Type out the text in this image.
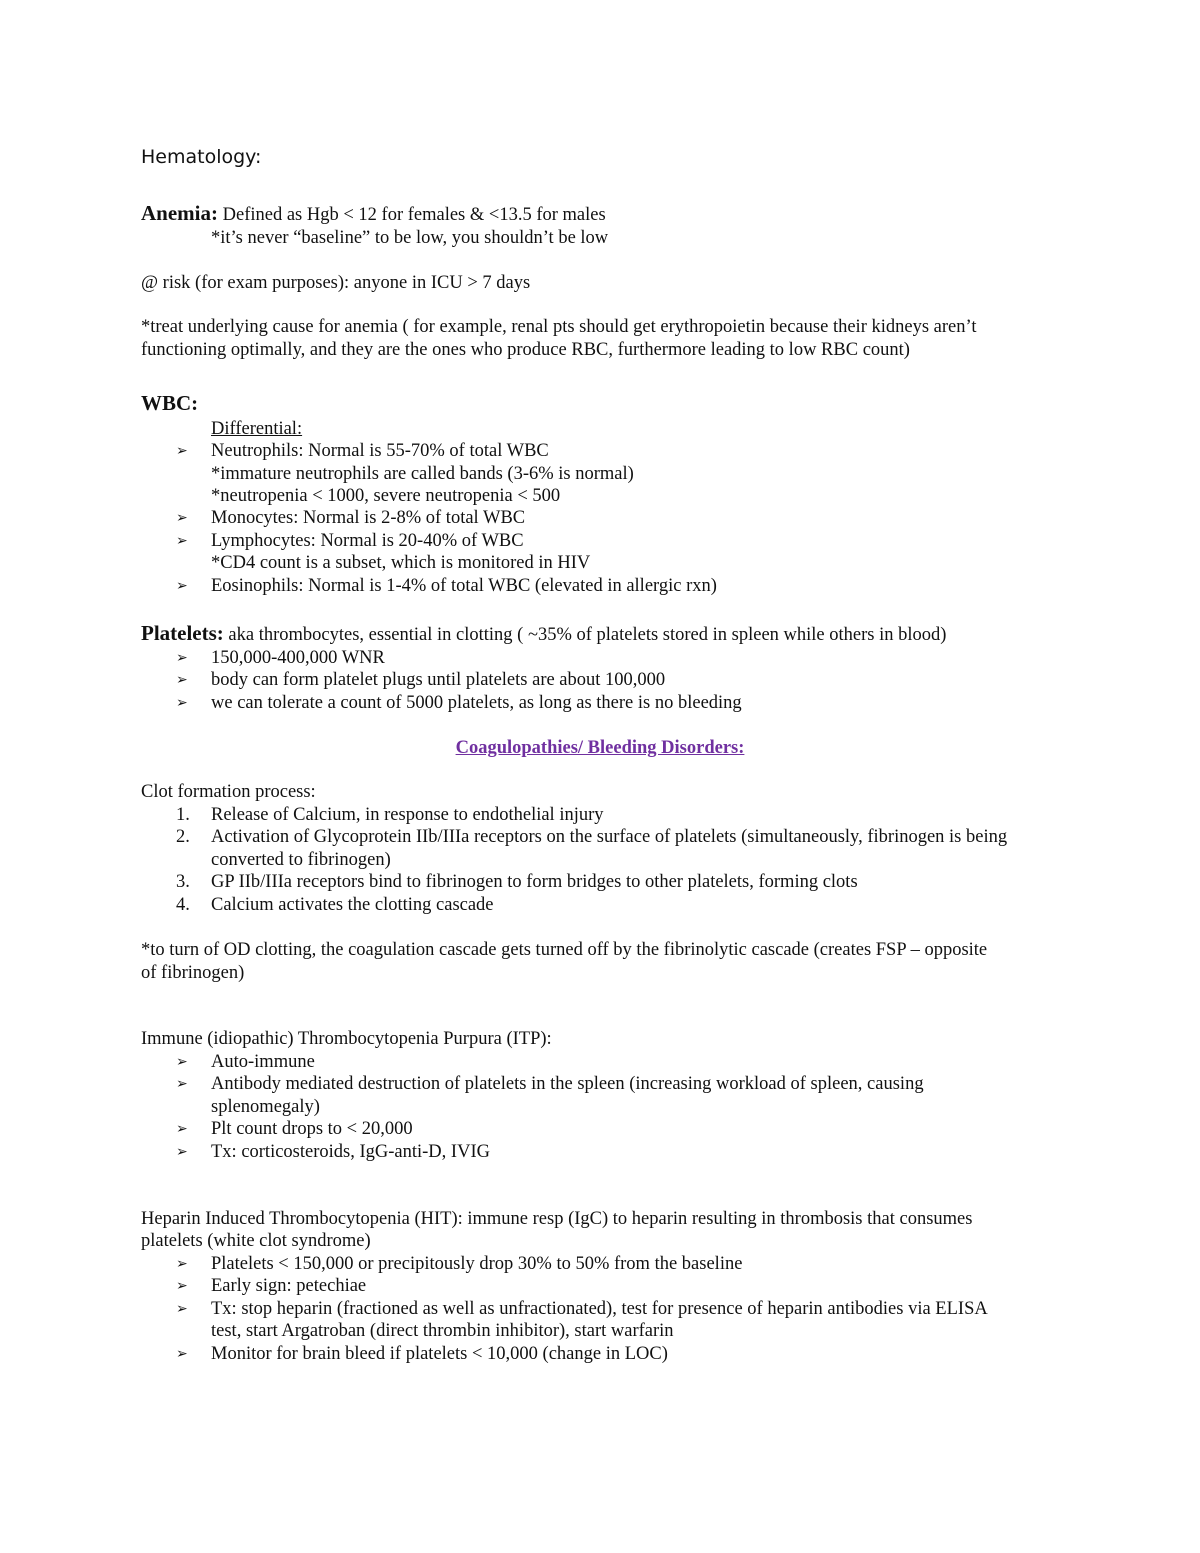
Hematology:
Anemia: Defined as Hgb < 12 for females & <13.5 for males
*it’s never “baseline” to be low, you shouldn’t be low
@ risk (for exam purposes): anyone in ICU > 7 days
*treat underlying cause for anemia ( for example, renal pts should get erythropoietin because their kidneys aren’t
functioning optimally, and they are the ones who produce RBC, furthermore leading to low RBC count)
WBC:
Differential:
➢ Neutrophils: Normal is 55-70% of total WBC
*immature neutrophils are called bands (3-6% is normal)
*neutropenia < 1000, severe neutropenia < 500
➢ Monocytes: Normal is 2-8% of total WBC
➢ Lymphocytes: Normal is 20-40% of WBC
*CD4 count is a subset, which is monitored in HIV
➢ Eosinophils: Normal is 1-4% of total WBC (elevated in allergic rxn)
Platelets: aka thrombocytes, essential in clotting ( ~35% of platelets stored in spleen while others in blood)
➢ 150,000-400,000 WNR
➢ body can form platelet plugs until platelets are about 100,000
➢ we can tolerate a count of 5000 platelets, as long as there is no bleeding
Coagulopathies/ Bleeding Disorders:
Clot formation process:
1. Release of Calcium, in response to endothelial injury
2. Activation of Glycoprotein IIb/IIIa receptors on the surface of platelets (simultaneously, fibrinogen is being
converted to fibrinogen)
3. GP IIb/IIIa receptors bind to fibrinogen to form bridges to other platelets, forming clots
4. Calcium activates the clotting cascade
*to turn of OD clotting, the coagulation cascade gets turned off by the fibrinolytic cascade (creates FSP – opposite
of fibrinogen)
Immune (idiopathic) Thrombocytopenia Purpura (ITP):
➢ Auto-immune
➢ Antibody mediated destruction of platelets in the spleen (increasing workload of spleen, causing
splenomegaly)
➢ Plt count drops to < 20,000
➢ Tx: corticosteroids, IgG-anti-D, IVIG
Heparin Induced Thrombocytopenia (HIT): immune resp (IgC) to heparin resulting in thrombosis that consumes
platelets (white clot syndrome)
➢ Platelets < 150,000 or precipitously drop 30% to 50% from the baseline
➢ Early sign: petechiae
➢ Tx: stop heparin (fractioned as well as unfractionated), test for presence of heparin antibodies via ELISA
test, start Argatroban (direct thrombin inhibitor), start warfarin
➢ Monitor for brain bleed if platelets < 10,000 (change in LOC)
